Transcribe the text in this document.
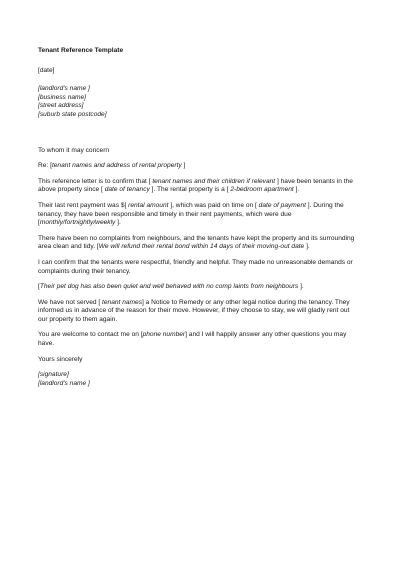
Tenant Reference Template
[date]
[landlord's name ]
[business name]
[street address]
[suburb state postcode]

To whom it may concern

Re: [tenant names and address of rental property ]

This reference letter is to confirm that [ tenant names and their children if relevant ] have been tenants in the above property since [ date of tenancy ]. The rental property is a [ 2-bedroom apartment ].

Their last rent payment was $[ rental amount ], which was paid on time on [ date of payment ]. During the tenancy, they have been responsible and timely in their rent payments, which were due [monthly/fortnightly/weekly ].

There have been no complaints from neighbours, and the tenants have kept the property and its surrounding area clean and tidy. [We will refund their rental bond within 14 days of their moving-out date ].

I can confirm that the tenants were respectful, friendly and helpful. They made no unreasonable demands or complaints during their tenancy.

[Their pet dog has also been quiet and well behaved with no comp laints from neighbours ].

We have not served [ tenant names] a Notice to Remedy or any other legal notice during the tenancy. They informed us in advance of the reason for their move. However, if they choose to stay, we will gladly rent out our property to them again.

You are welcome to contact me on [phone number] and I will happily answer any other questions you may have.

Yours sincerely

[signature]
[landlord's name ]
